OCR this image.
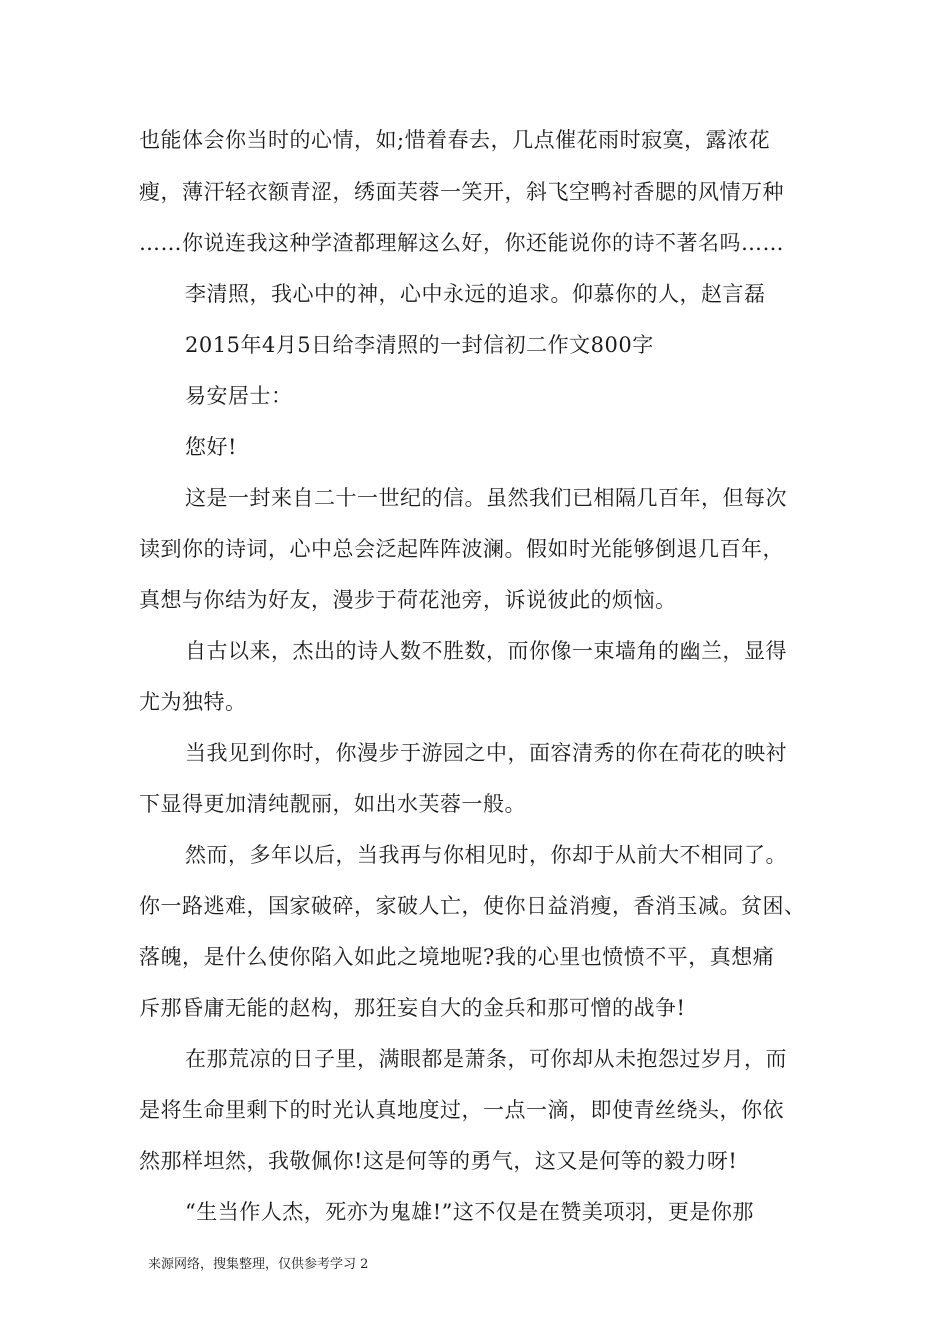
也能体会你当时的心情，如;惜着春去，几点催花雨时寂寞，露浓花
瘦，薄汗轻衣额青涩，绣面芙蓉一笑开，斜飞空鸭衬香腮的风情万种
……你说连我这种学渣都理解这么好，你还能说你的诗不著名吗……
李清照，我心中的神，心中永远的追求。仰慕你的人，赵言磊
2015年4月5日给李清照的一封信初二作文800字
易安居士：
您好!
这是一封来自二十一世纪的信。虽然我们已相隔几百年，但每次
读到你的诗词，心中总会泛起阵阵波澜。假如时光能够倒退几百年，
真想与你结为好友，漫步于荷花池旁，诉说彼此的烦恼。
自古以来，杰出的诗人数不胜数，而你像一束墙角的幽兰，显得
尤为独特。
当我见到你时，你漫步于游园之中，面容清秀的你在荷花的映衬
下显得更加清纯靓丽，如出水芙蓉一般。
然而，多年以后，当我再与你相见时，你却于从前大不相同了。
你一路逃难，国家破碎，家破人亡，使你日益消瘦，香消玉减。贫困、
落魄，是什么使你陷入如此之境地呢?我的心里也愤愤不平，真想痛
斥那昏庸无能的赵构，那狂妄自大的金兵和那可憎的战争!
在那荒凉的日子里，满眼都是萧条，可你却从未抱怨过岁月，而
是将生命里剩下的时光认真地度过，一点一滴，即使青丝绕头，你依
然那样坦然，我敬佩你!这是何等的勇气，这又是何等的毅力呀!
“生当作人杰，死亦为鬼雄!”这不仅是在赞美项羽，更是你那
来源网络，搜集整理，仅供参考学习 2
